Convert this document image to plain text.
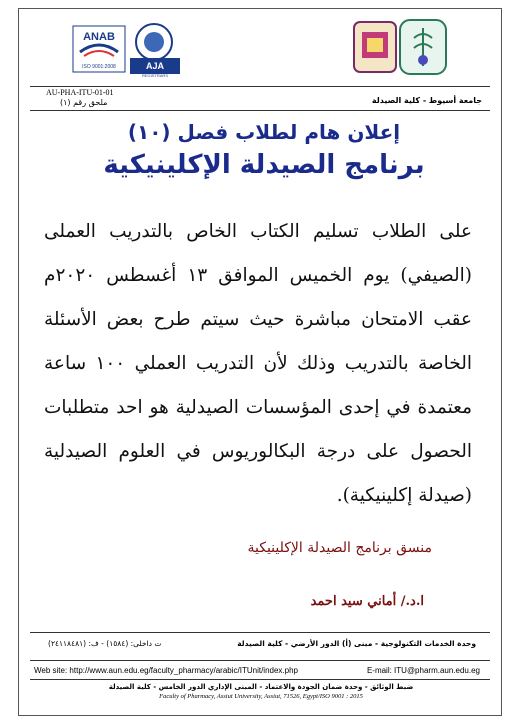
ANAB
ISO 9001:2008	AJA
REGISTRARS
AU-PHA-ITU-01-01
ملحق رقم (١)	جامعة أسيوط - كلية الصيدلة
إعلان هام لطلاب فصل (١٠)
برنامج الصيدلة الإكلينيكية
على الطلاب تسليم الكتاب الخاص بالتدريب العملى (الصيفي) يوم الخميس الموافق ١٣ أغسطس ٢٠٢٠م عقب الامتحان مباشرة حيث سيتم طرح بعض الأسئلة الخاصة بالتدريب وذلك لأن التدريب العملي ١٠٠ ساعة معتمدة في إحدى المؤسسات الصيدلية هو احد متطلبات الحصول على درجة البكالوريوس في العلوم الصيدلية (صيدلة إكلينيكية).
منسق برنامج الصيدلة الإكلينيكية
ا.د./ أماني سيد احمد
وحدة الخدمات التكنولوجية - مبنى (أ) الدور الأرضي - كلية الصيدلة
ت داخلى: (١٥٨٤) - ف: (٢٤١١٨٤٨١)
Web site: http://www.aun.edu.eg/faculty_pharmacy/arabic/ITUnit/index.php	E-mail: ITU@pharm.aun.edu.eg
ضبط الوثائق - وحدة ضمان الجودة والاعتماد - المبنى الإداري الدور الخامس - كلية الصيدلة
Faculty of Pharmacy, Assiut University, Assiut, 71526, Egypt/ISO 9001 : 2015
